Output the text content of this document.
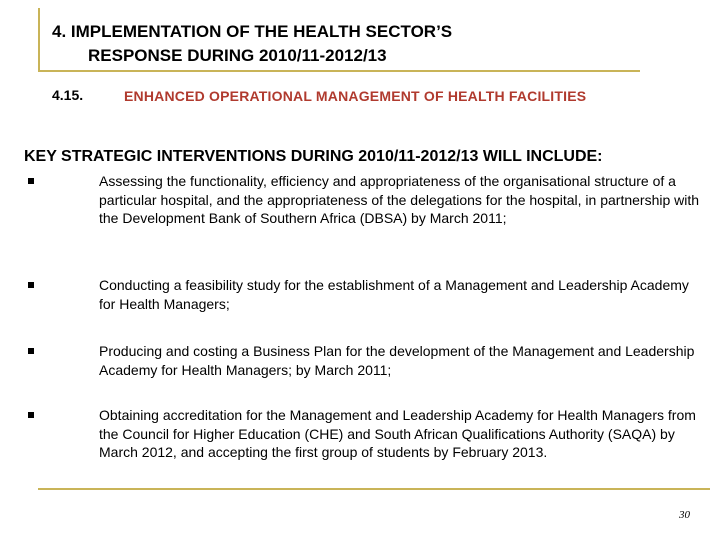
4. IMPLEMENTATION OF THE HEALTH SECTOR’S
RESPONSE DURING 2010/11-2012/13
4.15.	ENHANCED OPERATIONAL MANAGEMENT OF HEALTH FACILITIES
KEY STRATEGIC INTERVENTIONS DURING 2010/11-2012/13 WILL INCLUDE:
Assessing the functionality, efficiency and appropriateness of the organisational structure of a particular hospital, and the appropriateness of the delegations for the hospital, in partnership with the Development Bank of Southern Africa (DBSA) by March 2011;
Conducting a feasibility study for the establishment of a Management and Leadership Academy for Health Managers;
Producing and costing a Business Plan for the development of the Management and Leadership Academy for Health Managers; by March 2011;
Obtaining accreditation for the Management and Leadership Academy for Health Managers from the Council for Higher Education (CHE) and South African Qualifications Authority (SAQA) by March 2012, and accepting the first group of students by February 2013.
30
